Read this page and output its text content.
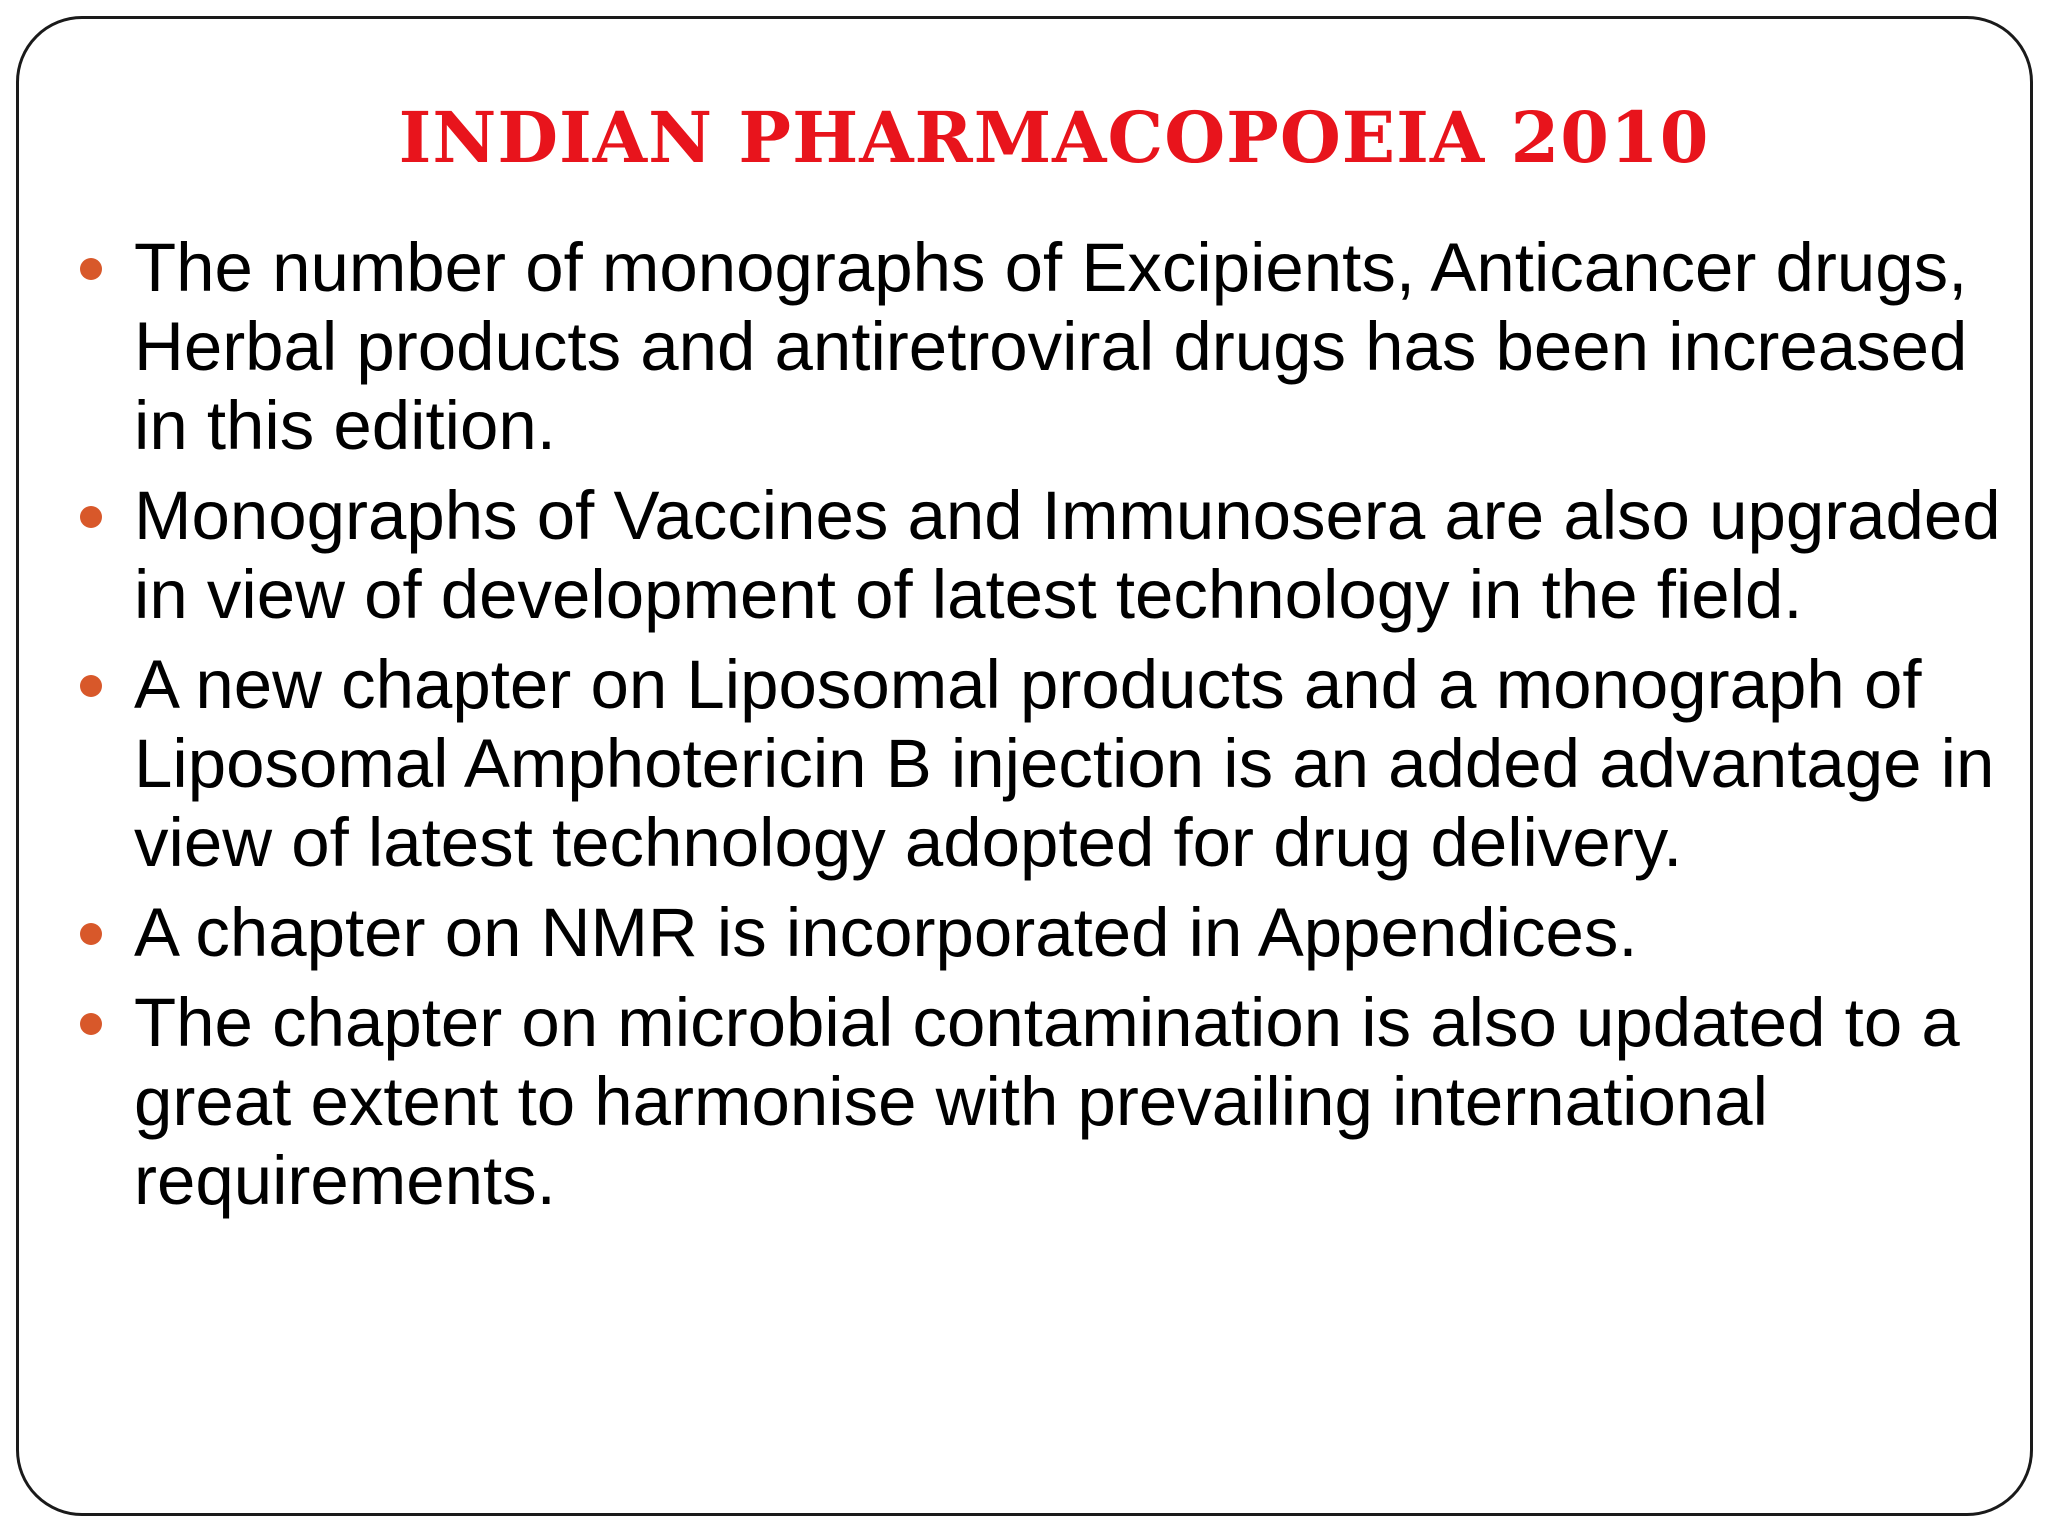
INDIAN PHARMACOPOEIA 2010
The number of monographs of Excipients, Anticancer drugs, Herbal products and antiretroviral drugs has been increased in this edition.
Monographs of Vaccines and Immunosera are also upgraded in view of development of latest technology in the field.
A new chapter on Liposomal products and a monograph of Liposomal Amphotericin B injection is an added advantage in view of latest technology adopted for drug delivery.
A chapter on NMR is incorporated in Appendices.
The chapter on microbial contamination is also updated to a great extent to harmonise with prevailing international requirements.
